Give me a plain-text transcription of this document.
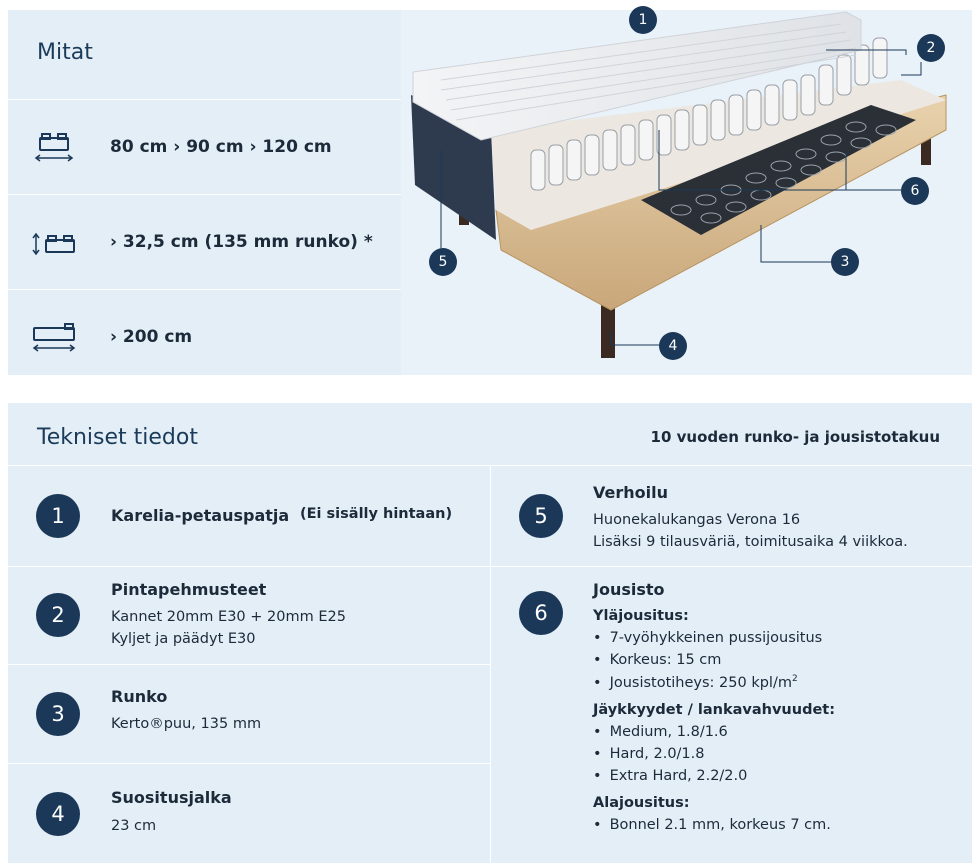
Mitat
80 cm › 90 cm › 120 cm
› 32,5 cm (135 mm runko) *
› 200 cm
1
2
3
4
5
6
Tekniset tiedot	10 vuoden runko- ja jousistotakuu
1	Karelia-petauspatja (Ei sisälly hintaan)
2
Pintapehmusteet
Kannet 20mm E30 + 20mm E25
Kyljet ja päädyt E30
3
Runko
Kerto®puu, 135 mm
4
Suositusjalka
23 cm
5
Verhoilu
Huonekalukangas Verona 16
Lisäksi 9 tilausväriä, toimitusaika 4 viikkoa.
6
Jousisto
Yläjousitus:
• 7-vyöhykkeinen pussijousitus
• Korkeus: 15 cm
• Jousistotiheys: 250 kpl/$m^2$
Jäykkyydet / lankavahvuudet:
• Medium, 1.8/1.6
• Hard, 2.0/1.8
• Extra Hard, 2.2/2.0
Alajousitus:
• Bonnel 2.1 mm, korkeus 7 cm.
